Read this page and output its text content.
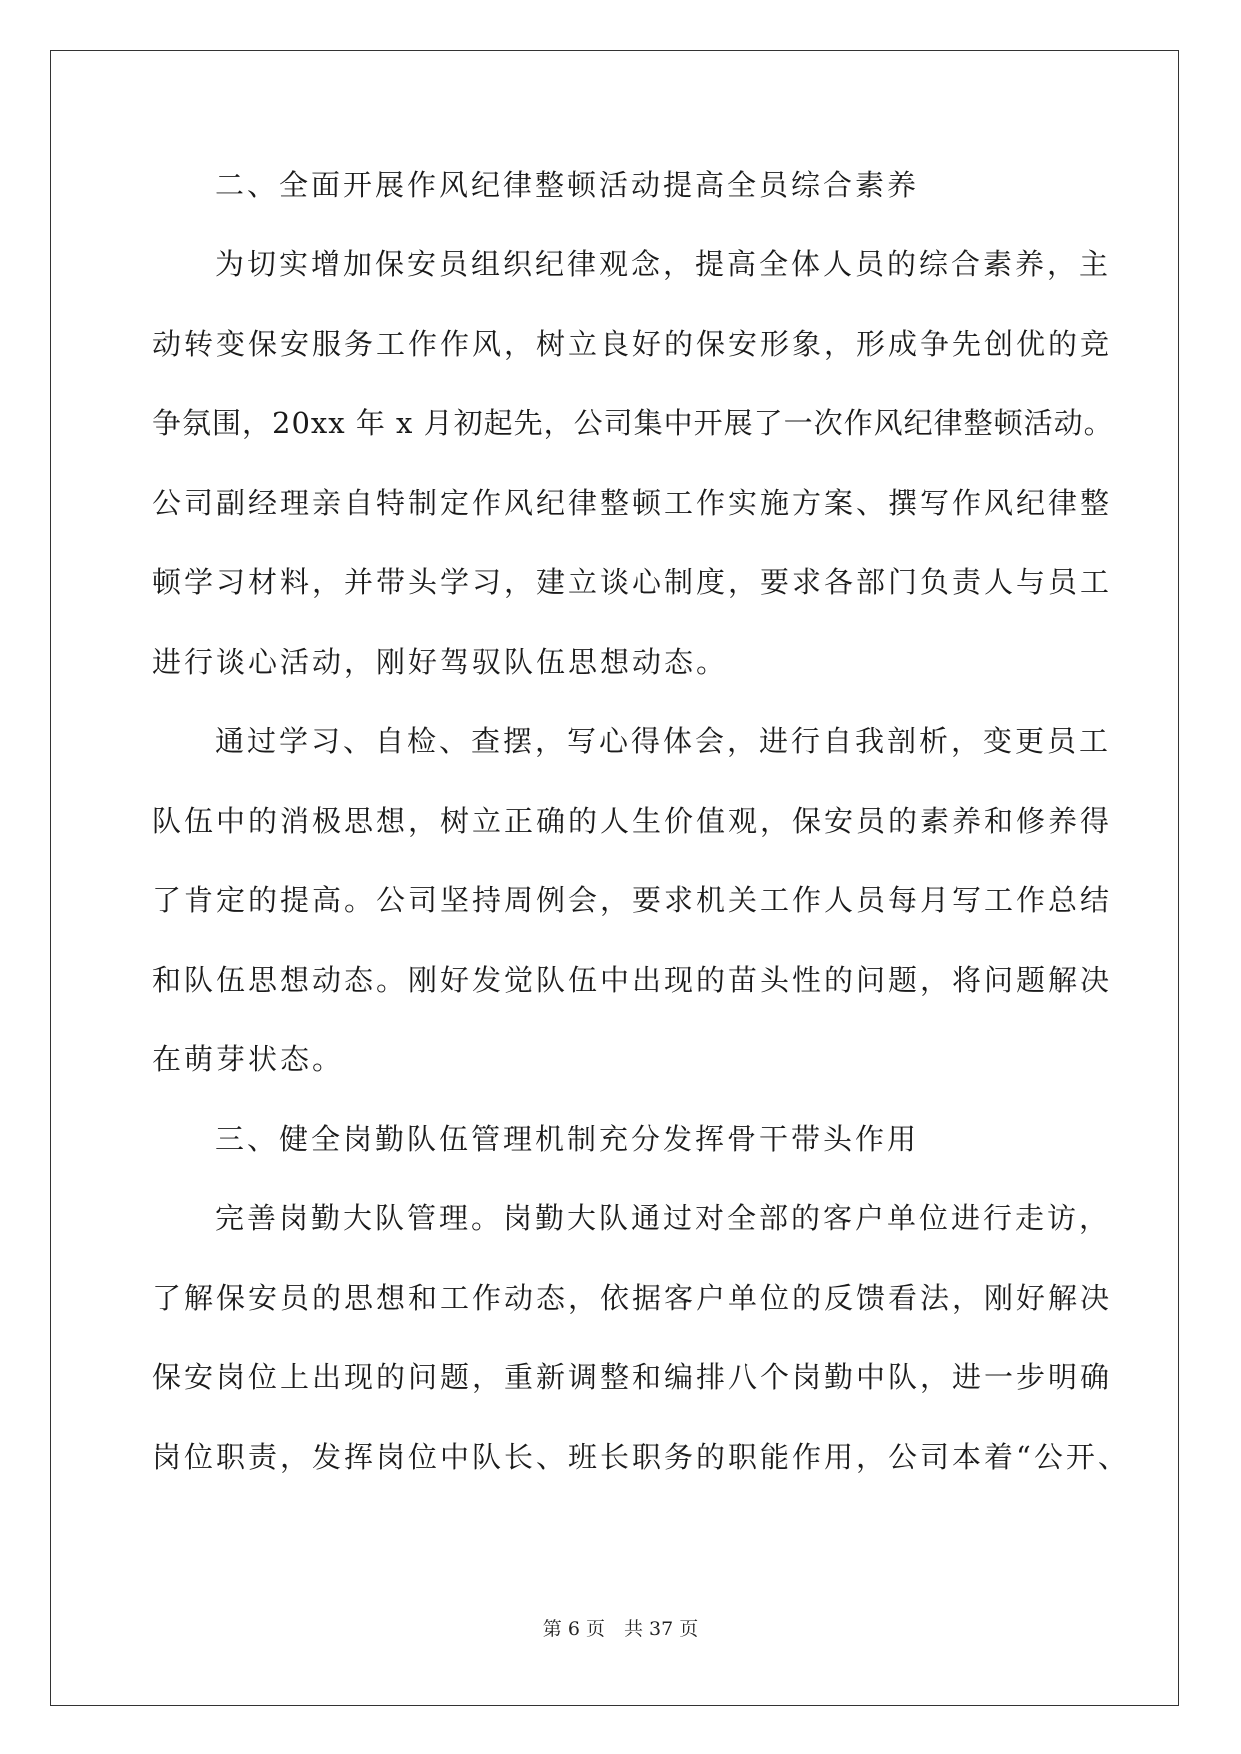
二、全面开展作风纪律整顿活动提高全员综合素养
为切实增加保安员组织纪律观念，提高全体人员的综合素养，主
动转变保安服务工作作风，树立良好的保安形象，形成争先创优的竞
争氛围，20xx 年 x 月初起先，公司集中开展了一次作风纪律整顿活动。
公司副经理亲自特制定作风纪律整顿工作实施方案、撰写作风纪律整
顿学习材料，并带头学习，建立谈心制度，要求各部门负责人与员工
进行谈心活动，刚好驾驭队伍思想动态。
通过学习、自检、查摆，写心得体会，进行自我剖析，变更员工
队伍中的消极思想，树立正确的人生价值观，保安员的素养和修养得
了肯定的提高。公司坚持周例会，要求机关工作人员每月写工作总结
和队伍思想动态。刚好发觉队伍中出现的苗头性的问题，将问题解决
在萌芽状态。
三、健全岗勤队伍管理机制充分发挥骨干带头作用
完善岗勤大队管理。岗勤大队通过对全部的客户单位进行走访，
了解保安员的思想和工作动态，依据客户单位的反馈看法，刚好解决
保安岗位上出现的问题，重新调整和编排八个岗勤中队，进一步明确
岗位职责，发挥岗位中队长、班长职务的职能作用，公司本着“公开、
第 6 页　共 37 页
